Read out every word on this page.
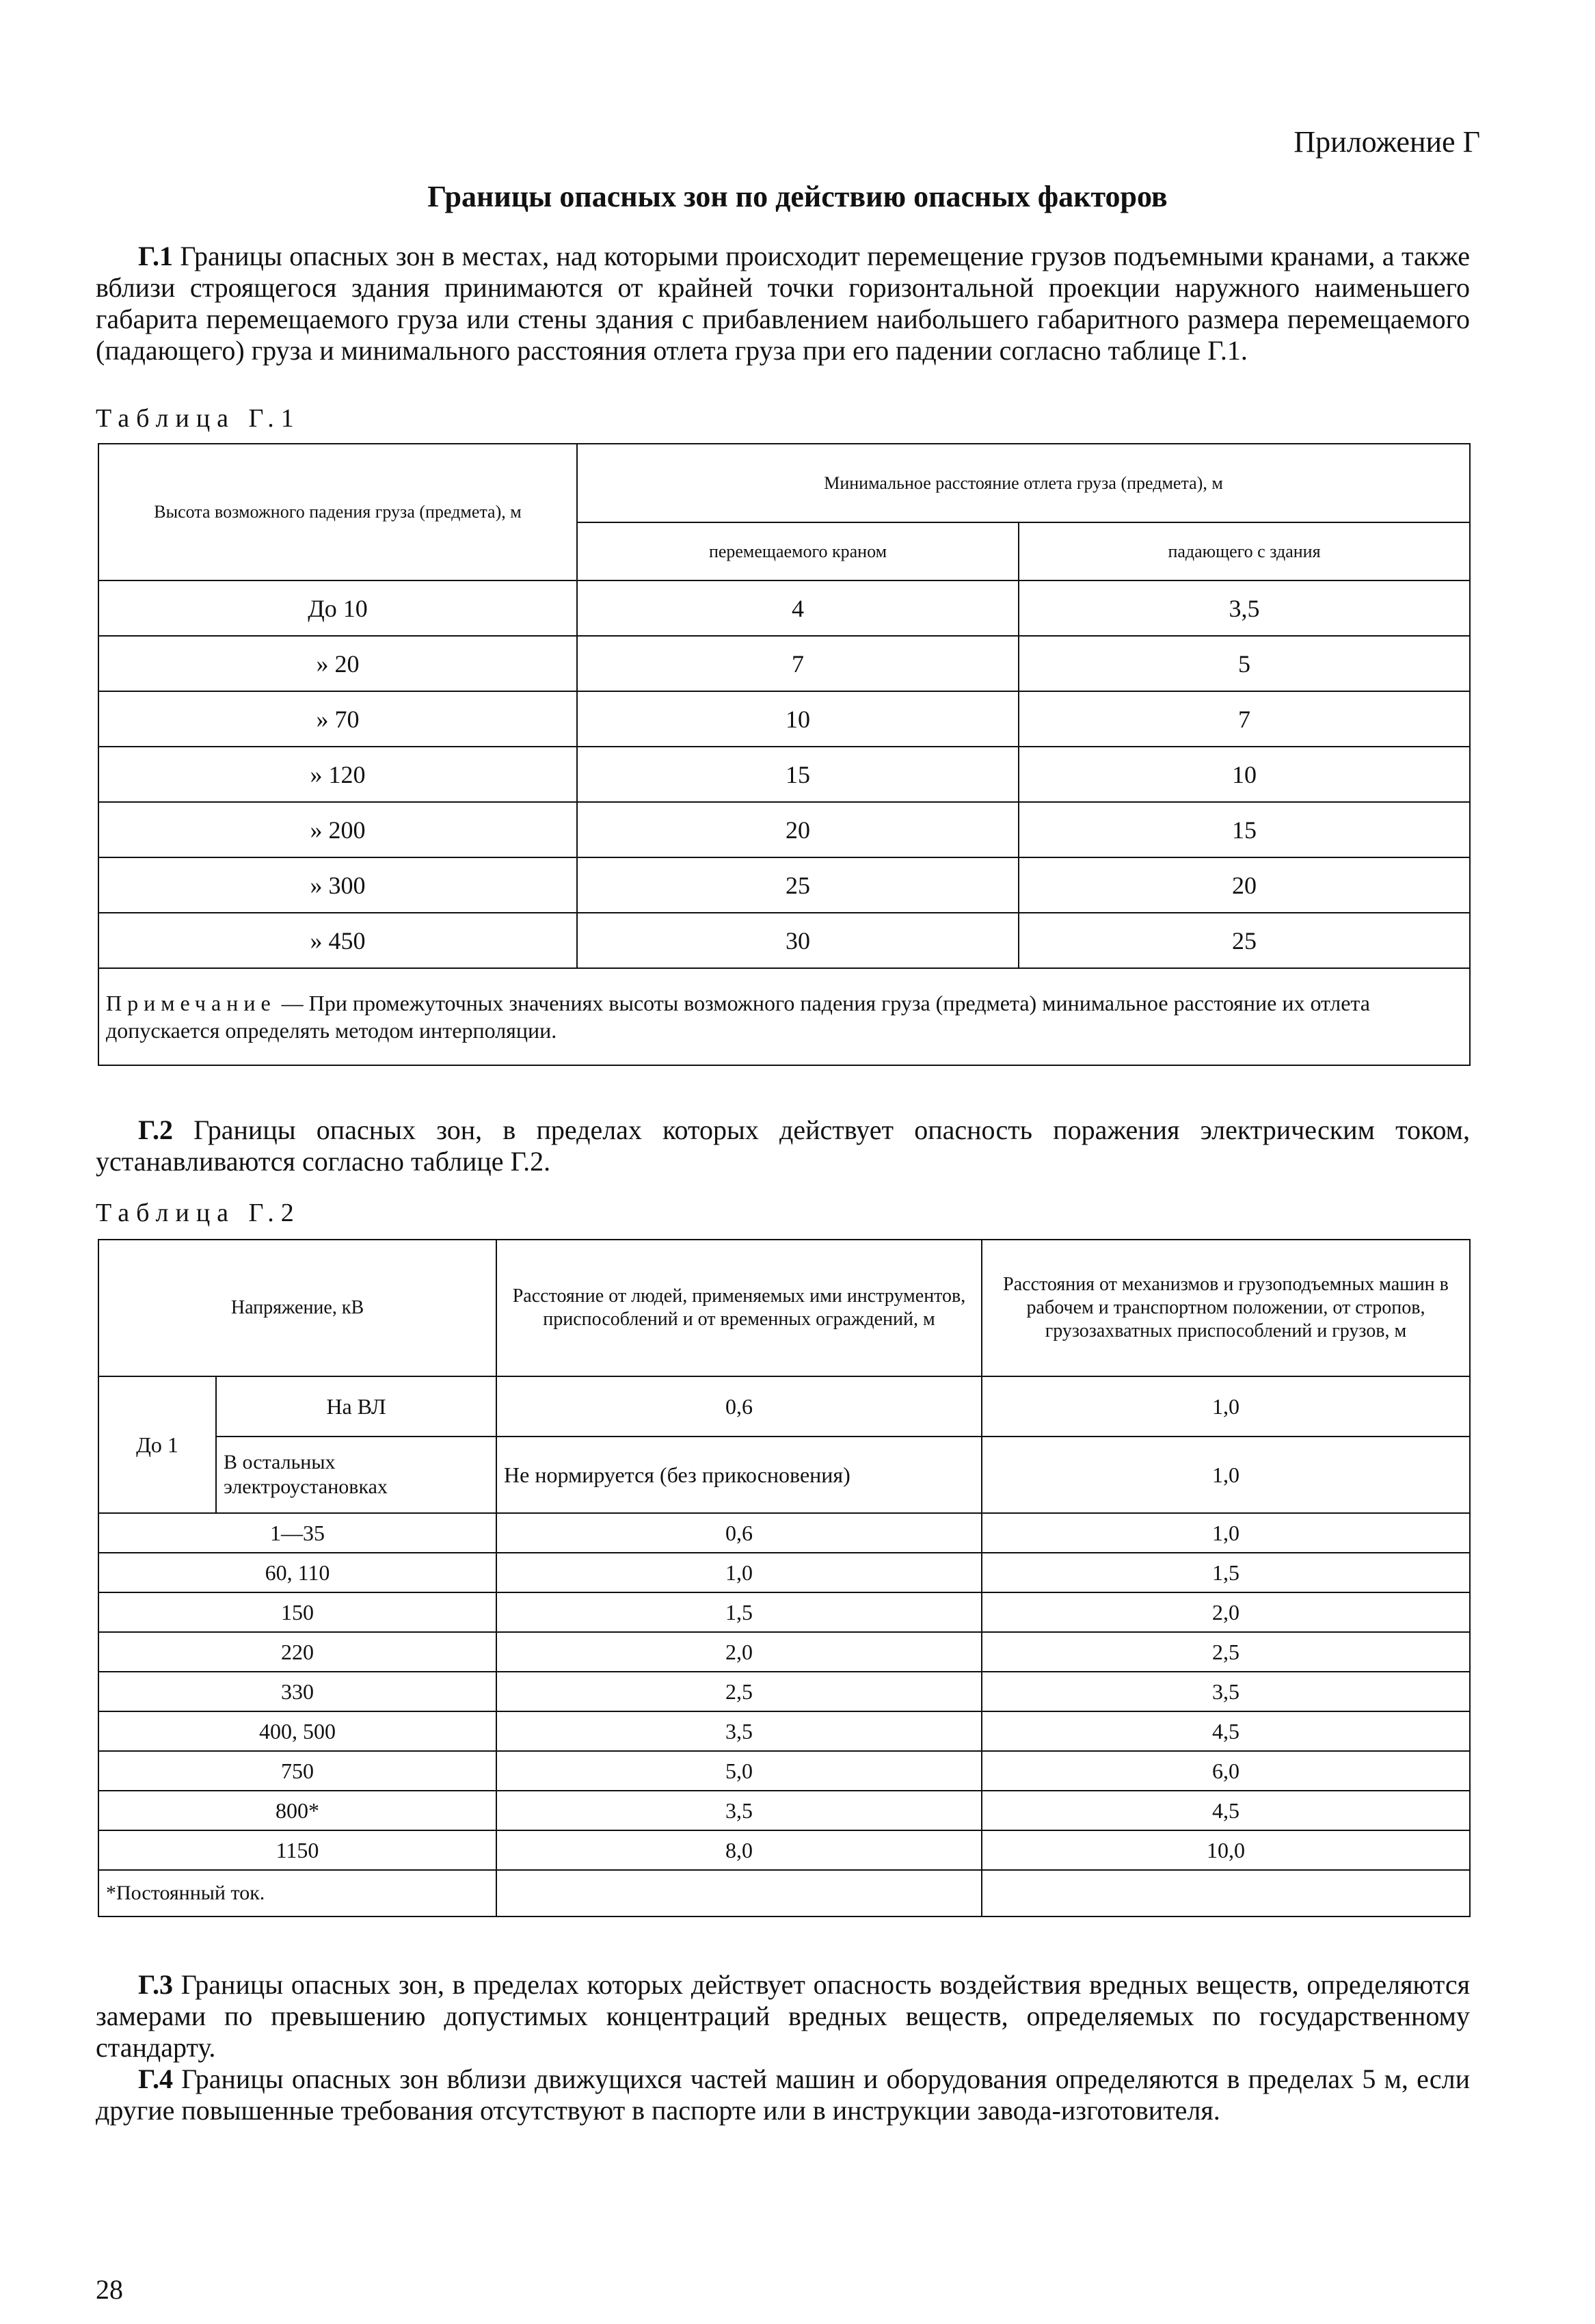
Приложение Г
Границы опасных зон по действию опасных факторов
Г.1 Границы опасных зон в местах, над которыми происходит перемещение грузов подъемными кранами, а также вблизи строящегося здания принимаются от крайней точки горизонтальной проекции наружного наименьшего габарита перемещаемого груза или стены здания с прибавлением наибольшего габаритного размера перемещаемого (падающего) груза и минимального расстояния отлета груза при его падении согласно таблице Г.1.
Таблица Г.1
Высота возможного падения груза (предмета), м	Минимальное расстояние отлета груза (предмета), м	
	перемещаемого краном	падающего с здания
До 10	4	3,5
» 20	7	5
» 70	10	7
» 120	15	10
» 200	20	15
» 300	25	20
» 450	30	25
Примечание — При промежуточных значениях высоты возможного падения груза (предмета) минимальное расстояние их отлета допускается определять методом интерполяции.		
Г.2 Границы опасных зон, в пределах которых действует опасность поражения электрическим током, устанавливаются согласно таблице Г.2.
Таблица Г.2
Напряжение, кВ		Расстояние от людей, применяемых ими инструментов, приспособлений и от временных ограждений, м	Расстояния от механизмов и грузоподъемных машин в рабочем и транспортном положении, от стропов, грузозахватных приспособлений и грузов, м
До 1	На ВЛ	0,6	1,0
	В остальных электроустановках	Не нормируется (без прикосновения)	1,0
1—35		0,6	1,0
60, 110		1,0	1,5
150		1,5	2,0
220		2,0	2,5
330		2,5	3,5
400, 500		3,5	4,5
750		5,0	6,0
800*		3,5	4,5
1150		8,0	10,0
*Постоянный ток.			
Г.3 Границы опасных зон, в пределах которых действует опасность воздействия вредных веществ, определяются замерами по превышению допустимых концентраций вредных веществ, определяемых по государственному стандарту.
Г.4 Границы опасных зон вблизи движущихся частей машин и оборудования определяются в пределах 5 м, если другие повышенные требования отсутствуют в паспорте или в инструкции завода-изготовителя.
28
